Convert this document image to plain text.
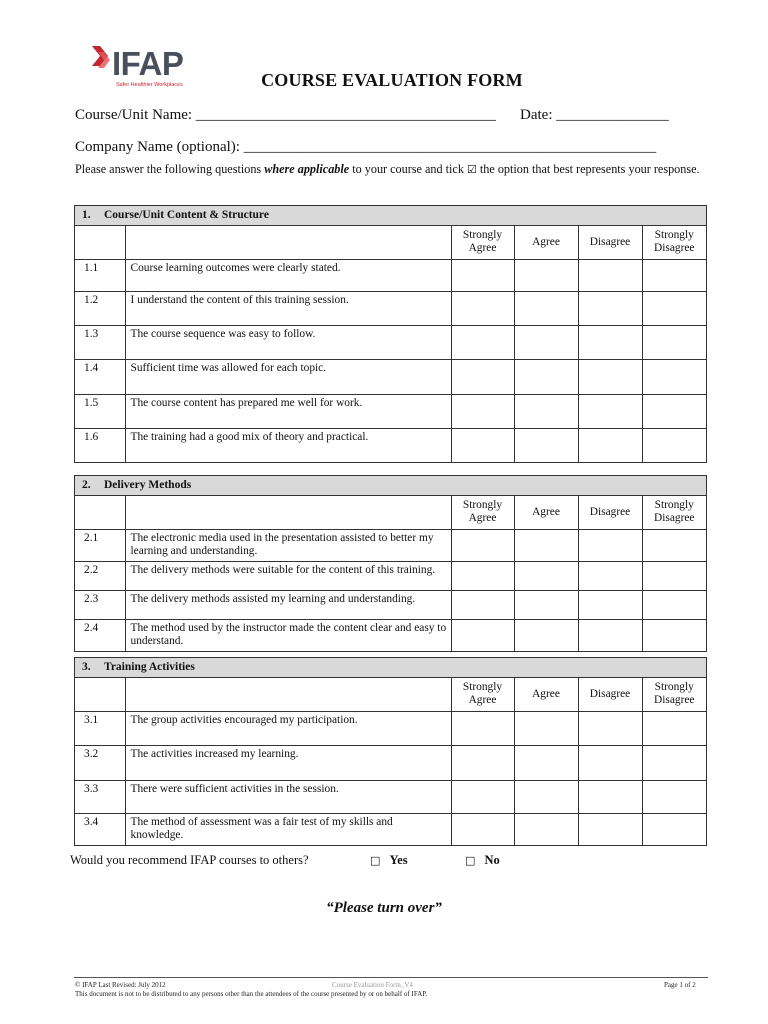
IFAP
Safer Healthier Workplaces	COURSE EVALUATION FORM
Course/Unit Name: ________________________________________ Date: _______________
Company Name (optional): _______________________________________________________
Please answer the following questions where applicable to your course and tick ☑ the option that best represents your response.
1. Course/Unit Content & Structure
		Strongly Agree	Agree	Disagree	Strongly Disagree
1.1	Course learning outcomes were clearly stated.				
1.2	I understand the content of this training session.				
1.3	The course sequence was easy to follow.				
1.4	Sufficient time was allowed for each topic.				
1.5	The course content has prepared me well for work.				
1.6	The training had a good mix of theory and practical.				
2. Delivery Methods
		Strongly Agree	Agree	Disagree	Strongly Disagree
2.1	The electronic media used in the presentation assisted to better my learning and understanding.				
2.2	The delivery methods were suitable for the content of this training.				
2.3	The delivery methods assisted my learning and understanding.				
2.4	The method used by the instructor made the content clear and easy to understand.				
3. Training Activities
		Strongly Agree	Agree	Disagree	Strongly Disagree
3.1	The group activities encouraged my participation.				
3.2	The activities increased my learning.				
3.3	There were sufficient activities in the session.				
3.4	The method of assessment was a fair test of my skills and knowledge.				
Would you recommend IFAP courses to others?	□ Yes	□ No
“Please turn over”
© IFAP Last Revised: July 2012	Course Evaluation Form_V4	Page 1 of 2
This document is not to be distributed to any persons other than the attendees of the course presented by or on behalf of IFAP.
